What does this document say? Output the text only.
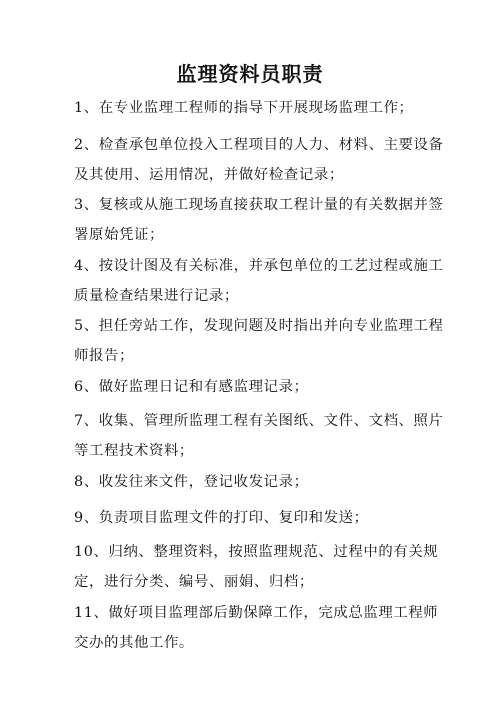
监理资料员职责
1、在专业监理工程师的指导下开展现场监理工作；
2、检查承包单位投入工程项目的人力、材料、主要设备及其使用、运用情况，并做好检查记录；
3、复核或从施工现场直接获取工程计量的有关数据并签署原始凭证；
4、按设计图及有关标准，并承包单位的工艺过程或施工质量检查结果进行记录；
5、担任旁站工作，发现问题及时指出并向专业监理工程师报告；
6、做好监理日记和有感监理记录；
7、收集、管理所监理工程有关图纸、文件、文档、照片等工程技术资料；
8、收发往来文件，登记收发记录；
9、负责项目监理文件的打印、复印和发送；
10、归纳、整理资料，按照监理规范、过程中的有关规定，进行分类、编号、丽娟、归档；
11、做好项目监理部后勤保障工作，完成总监理工程师交办的其他工作。
